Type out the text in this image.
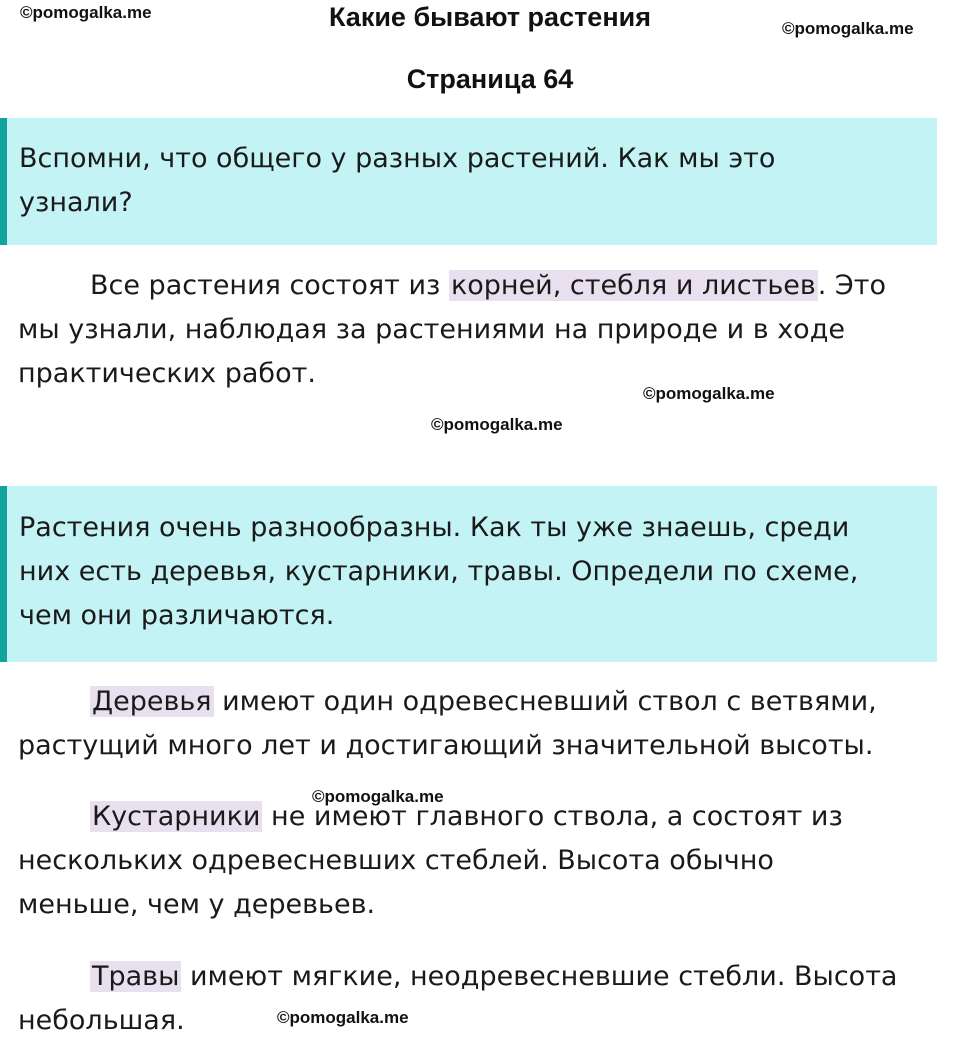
Какие бывают растения
Страница 64
Вспомни, что общего у разных растений. Как мы это
узнали?
Все растения состоят из корней, стебля и листьев. Это
мы узнали, наблюдая за растениями на природе и в ходе
практических работ.
Растения очень разнообразны. Как ты уже знаешь, среди
них есть деревья, кустарники, травы. Определи по схеме,
чем они различаются.
Деревья имеют один одревесневший ствол с ветвями,
растущий много лет и достигающий значительной высоты.
Кустарники не имеют главного ствола, а состоят из
нескольких одревесневших стеблей. Высота обычно
меньше, чем у деревьев.
Травы имеют мягкие, неодревесневшие стебли. Высота
небольшая.
©pomogalka.me
©pomogalka.me
©pomogalka.me
©pomogalka.me
©pomogalka.me
©pomogalka.me
